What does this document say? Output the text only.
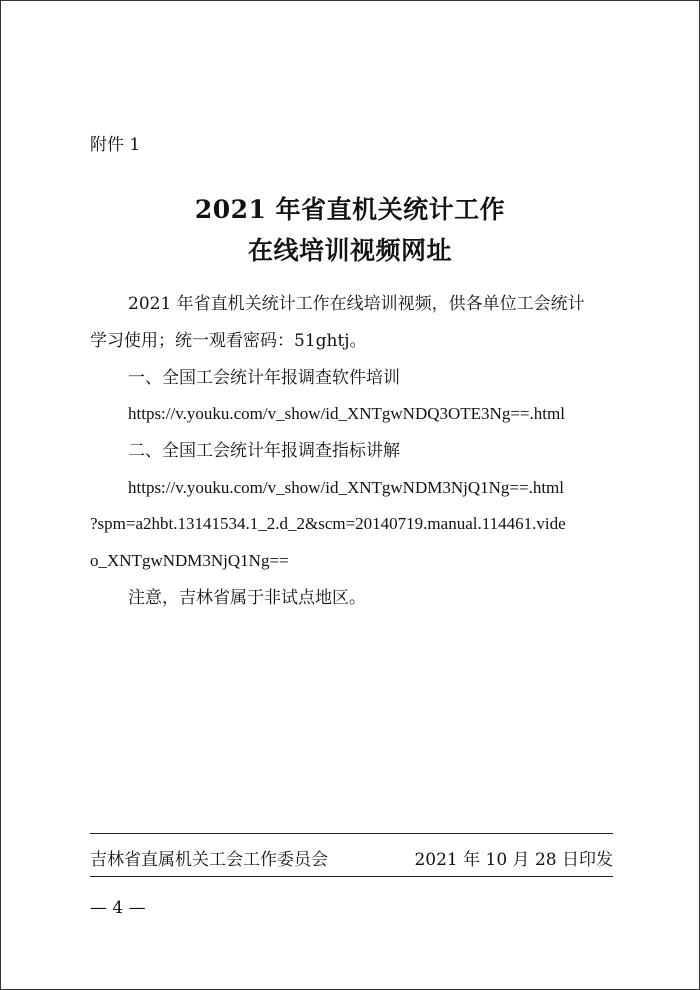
附件 1
2021 年省直机关统计工作
在线培训视频网址
2021 年省直机关统计工作在线培训视频，供各单位工会统计
学习使用；统一观看密码：51ghtj。
一、全国工会统计年报调查软件培训
https://v.youku.com/v_show/id_XNTgwNDQ3OTE3Ng==.html
二、全国工会统计年报调查指标讲解
https://v.youku.com/v_show/id_XNTgwNDM3NjQ1Ng==.html
?spm=a2hbt.13141534.1_2.d_2&scm=20140719.manual.114461.vide
o_XNTgwNDM3NjQ1Ng==
注意，吉林省属于非试点地区。
吉林省直属机关工会工作委员会	2021 年 10 月 28 日印发
— 4 —
